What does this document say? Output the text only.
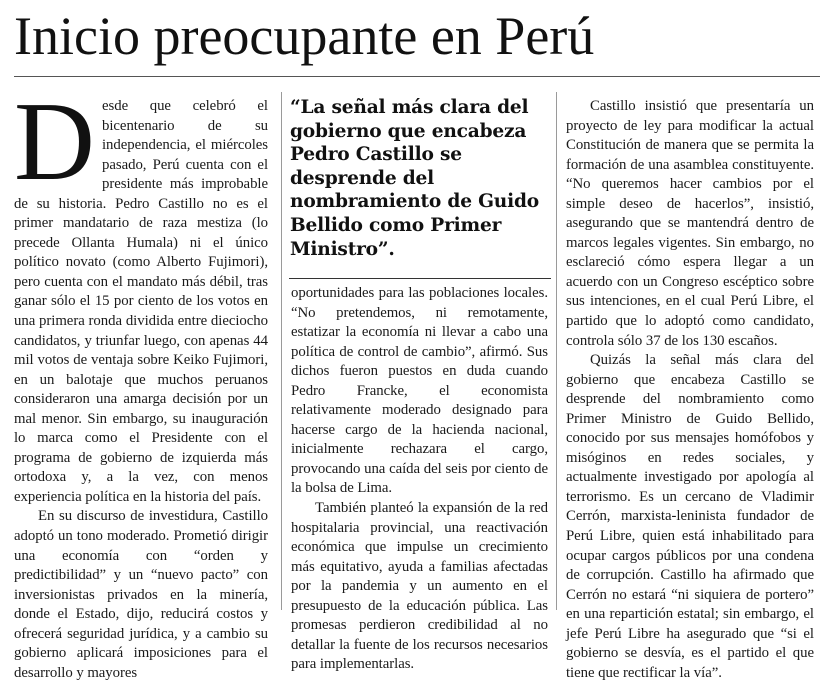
Inicio preocupante en Perú

Desde que celebró el bicentenario de su independencia, el miércoles pasado, Perú cuenta con el presidente más improbable de su historia. Pedro Castillo no es el primer mandatario de raza mestiza (lo precede Ollanta Humala) ni el único político novato (como Alberto Fujimori), pero cuenta con el mandato más débil, tras ganar sólo el 15 por ciento de los votos en una primera ronda dividida entre dieciocho candidatos, y triunfar luego, con apenas 44 mil votos de ventaja sobre Keiko Fujimori, en un balotaje que muchos peruanos consideraron una amarga decisión por un mal menor. Sin embargo, su inauguración lo marca como el Presidente con el programa de gobierno de izquierda más ortodoxa y, a la vez, con menos experiencia política en la historia del país.

En su discurso de investidura, Castillo adoptó un tono moderado. Prometió dirigir una economía con “orden y predictibilidad” y un “nuevo pacto” con inversionistas privados en la minería, donde el Estado, dijo, reducirá costos y ofrecerá seguridad jurídica, y a cambio su gobierno aplicará imposiciones para el desarrollo y mayores

“La señal más clara del gobierno que encabeza Pedro Castillo se desprende del nombramiento de Guido Bellido como Primer Ministro”.

oportunidades para las poblaciones locales. “No pretendemos, ni remotamente, estatizar la economía ni llevar a cabo una política de control de cambio”, afirmó. Sus dichos fueron puestos en duda cuando Pedro Francke, el economista relativamente moderado designado para hacerse cargo de la hacienda nacional, inicialmente rechazara el cargo, provocando una caída del seis por ciento de la bolsa de Lima.

También planteó la expansión de la red hospitalaria provincial, una reactivación económica que impulse un crecimiento más equitativo, ayuda a familias afectadas por la pandemia y un aumento en el presupuesto de la educación pública. Las promesas perdieron credibilidad al no detallar la fuente de los recursos necesarios para implementarlas.

Castillo insistió que presentaría un proyecto de ley para modificar la actual Constitución de manera que se permita la formación de una asamblea constituyente. “No queremos hacer cambios por el simple deseo de hacerlos”, insistió, asegurando que se mantendrá dentro de marcos legales vigentes. Sin embargo, no esclareció cómo espera llegar a un acuerdo con un Congreso escéptico sobre sus intenciones, en el cual Perú Libre, el partido que lo adoptó como candidato, controla sólo 37 de los 130 escaños.

Quizás la señal más clara del gobierno que encabeza Castillo se desprende del nombramiento como Primer Ministro de Guido Bellido, conocido por sus mensajes homófobos y misóginos en redes sociales, y actualmente investigado por apología al terrorismo. Es un cercano de Vladimir Cerrón, marxista-leninista fundador de Perú Libre, quien está inhabilitado para ocupar cargos públicos por una condena de corrupción. Castillo ha afirmado que Cerrón no estará “ni siquiera de portero” en una repartición estatal; sin embargo, el jefe Perú Libre ha asegurado que “si el gobierno se desvía, es el partido el que tiene que rectificar la vía”.
